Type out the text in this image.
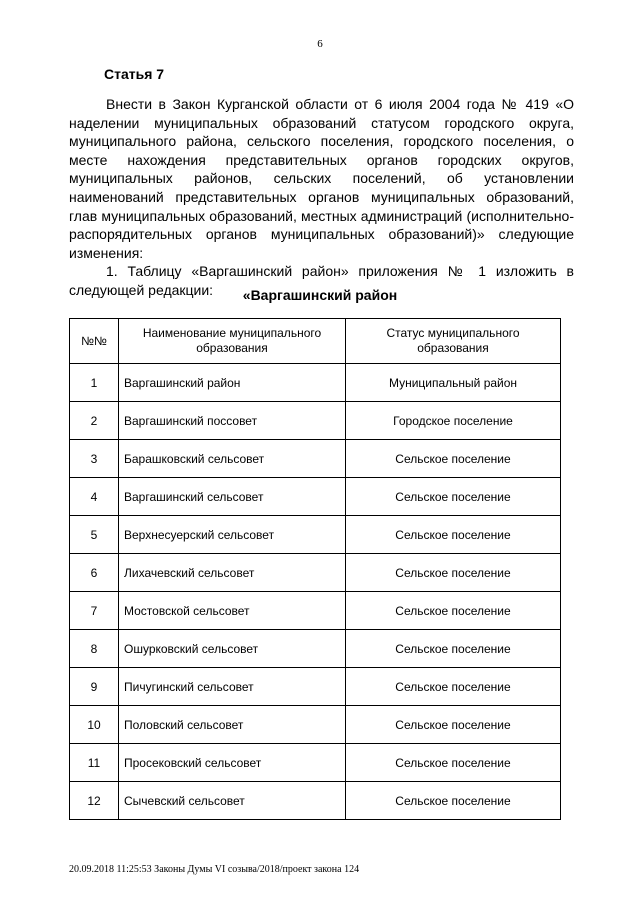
6
Статья 7

Внести в Закон Курганской области от 6 июля 2004 года № 419 «О наделении муниципальных образований статусом городского округа, муниципального района, сельского поселения, городского поселения, о месте нахождения представительных органов городских округов, муниципальных районов, сельских поселений, об установлении наименований представительных органов муниципальных образований, глав муниципальных образований, местных администраций (исполнительно-распорядительных органов муниципальных образований)» следующие изменения:

1. Таблицу «Варгашинский район» приложения № 1 изложить в следующей редакции:	«Варгашинский район
№№	Наименование муниципального образования	Статус муниципального образования
1	Варгашинский район	Муниципальный район
2	Варгашинский поссовет	Городское поселение
3	Барашковский сельсовет	Сельское поселение
4	Варгашинский сельсовет	Сельское поселение
5	Верхнесуерский сельсовет	Сельское поселение
6	Лихачевский сельсовет	Сельское поселение
7	Мостовской сельсовет	Сельское поселение
8	Ошурковский сельсовет	Сельское поселение
9	Пичугинский сельсовет	Сельское поселение
10	Половский сельсовет	Сельское поселение
11	Просековский сельсовет	Сельское поселение
12	Сычевский сельсовет	Сельское поселение
20.09.2018 11:25:53 Законы Думы VI созыва/2018/проект закона 124
